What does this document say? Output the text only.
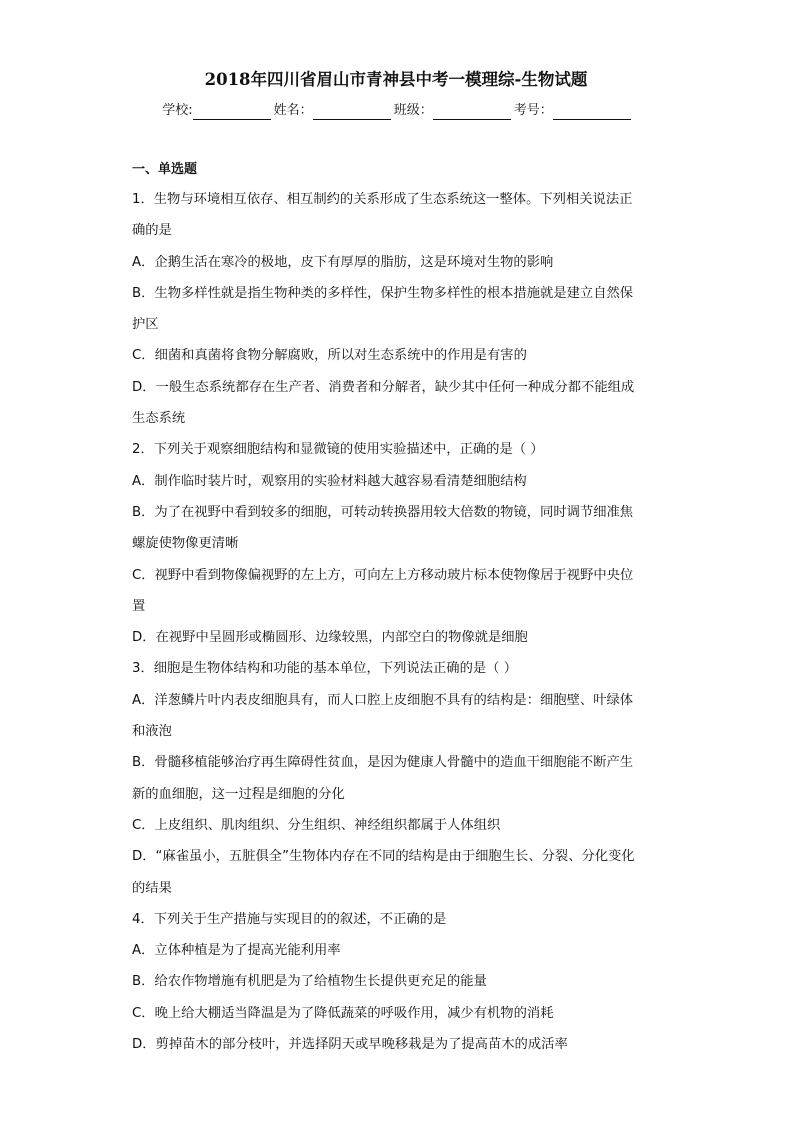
2018年四川省眉山市青神县中考一模理综-生物试题
学校:	姓名：	班级：	考号：
一、单选题
1．生物与环境相互依存、相互制约的关系形成了生态系统这一整体。下列相关说法正
确的是
A．企鹅生活在寒冷的极地，皮下有厚厚的脂肪，这是环境对生物的影响
B．生物多样性就是指生物种类的多样性，保护生物多样性的根本措施就是建立自然保
护区
C．细菌和真菌将食物分解腐败，所以对生态系统中的作用是有害的
D．一般生态系统都存在生产者、消费者和分解者，缺少其中任何一种成分都不能组成
生态系统
2．下列关于观察细胞结构和显微镜的使用实验描述中，正确的是（ ）
A．制作临时装片时，观察用的实验材料越大越容易看清楚细胞结构
B．为了在视野中看到较多的细胞，可转动转换器用较大倍数的物镜，同时调节细准焦
螺旋使物像更清晰
C．视野中看到物像偏视野的左上方，可向左上方移动玻片标本使物像居于视野中央位
置
D．在视野中呈圆形或椭圆形、边缘较黑，内部空白的物像就是细胞
3．细胞是生物体结构和功能的基本单位，下列说法正确的是（ ）
A．洋葱鳞片叶内表皮细胞具有，而人口腔上皮细胞不具有的结构是：细胞壁、叶绿体
和液泡
B．骨髓移植能够治疗再生障碍性贫血，是因为健康人骨髓中的造血干细胞能不断产生
新的血细胞，这一过程是细胞的分化
C．上皮组织、肌肉组织、分生组织、神经组织都属于人体组织
D．“麻雀虽小，五脏俱全”生物体内存在不同的结构是由于细胞生长、分裂、分化变化
的结果
4．下列关于生产措施与实现目的的叙述，不正确的是
A．立体种植是为了提高光能利用率
B．给农作物增施有机肥是为了给植物生长提供更充足的能量
C．晚上给大棚适当降温是为了降低蔬菜的呼吸作用，减少有机物的消耗
D．剪掉苗木的部分枝叶，并选择阴天或早晚移栽是为了提高苗木的成活率
